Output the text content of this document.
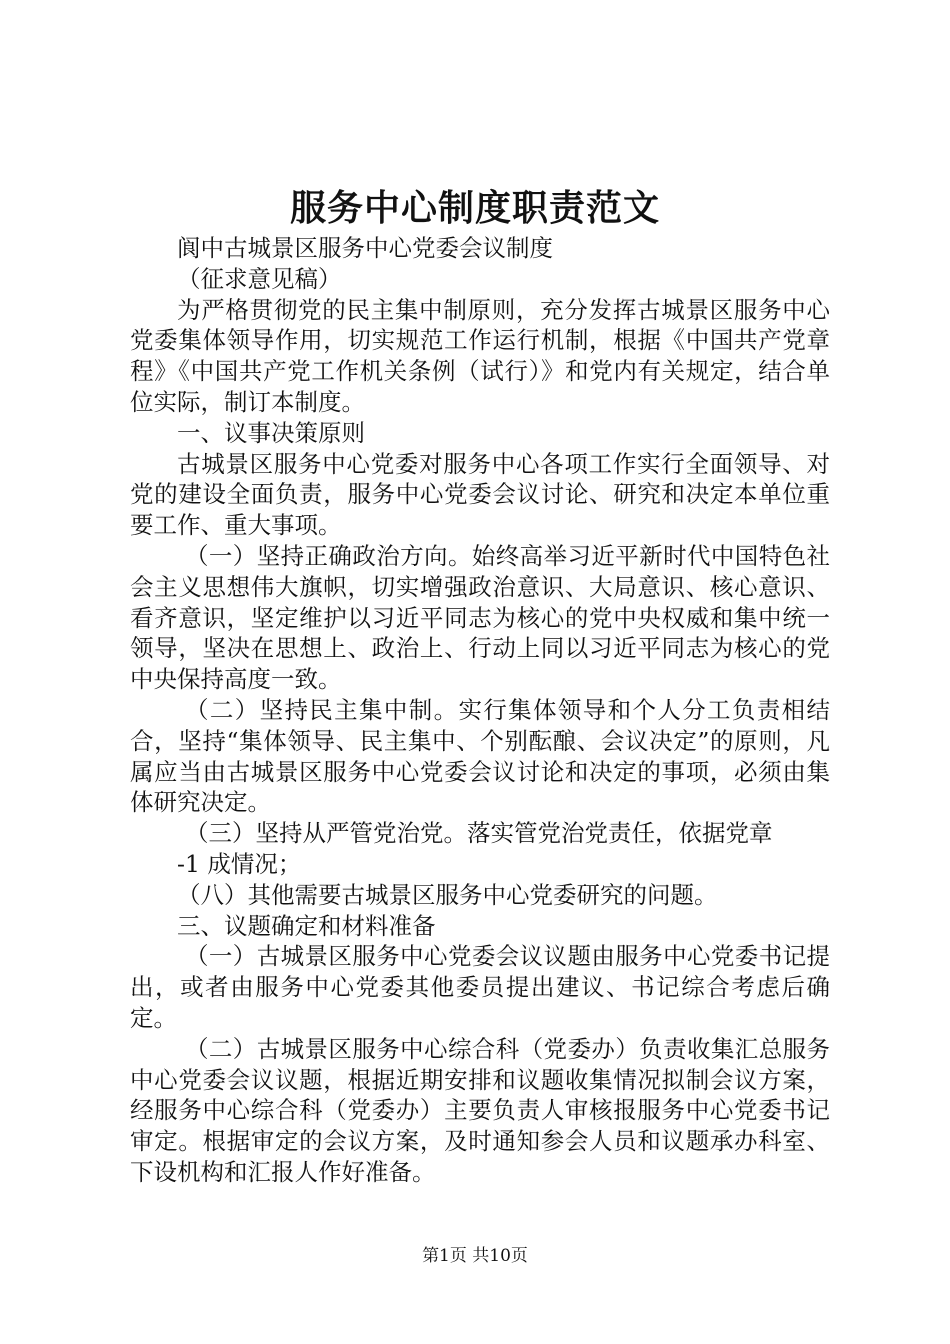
服务中心制度职责范文

阆中古城景区服务中心党委会议制度

（征求意见稿）

为严格贯彻党的民主集中制原则，充分发挥古城景区服务中心党委集体领导作用，切实规范工作运行机制，根据《中国共产党章程》《中国共产党工作机关条例（试行）》和党内有关规定，结合单位实际，制订本制度。

一、议事决策原则

古城景区服务中心党委对服务中心各项工作实行全面领导、对党的建设全面负责，服务中心党委会议讨论、研究和决定本单位重要工作、重大事项。

（一）坚持正确政治方向。始终高举习近平新时代中国特色社会主义思想伟大旗帜，切实增强政治意识、大局意识、核心意识、看齐意识，坚定维护以习近平同志为核心的党中央权威和集中统一领导，坚决在思想上、政治上、行动上同以习近平同志为核心的党中央保持高度一致。

（二）坚持民主集中制。实行集体领导和个人分工负责相结合，坚持“集体领导、民主集中、个别酝酿、会议决定”的原则，凡属应当由古城景区服务中心党委会议讨论和决定的事项，必须由集体研究决定。

（三）坚持从严管党治党。落实管党治党责任，依据党章

-1 成情况；

（八）其他需要古城景区服务中心党委研究的问题。

三、议题确定和材料准备

（一）古城景区服务中心党委会议议题由服务中心党委书记提出，或者由服务中心党委其他委员提出建议、书记综合考虑后确定。

（二）古城景区服务中心综合科（党委办）负责收集汇总服务中心党委会议议题，根据近期安排和议题收集情况拟制会议方案，经服务中心综合科（党委办）主要负责人审核报服务中心党委书记审定。根据审定的会议方案，及时通知参会人员和议题承办科室、下设机构和汇报人作好准备。

第1页 共10页
